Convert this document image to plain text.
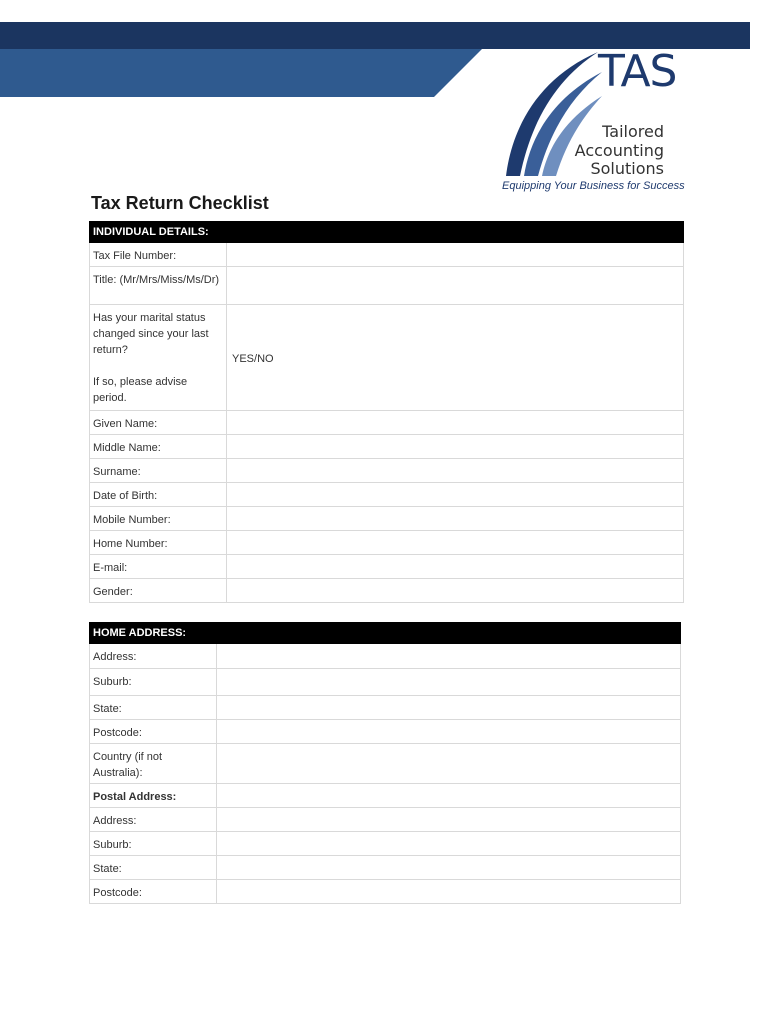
TAS
Tailored
Accounting
Solutions
Equipping Your Business for Success
Tax Return Checklist
INDIVIDUAL DETAILS:	
Tax File Number:	
Title: (Mr/Mrs/Miss/Ms/Dr)	
Has your marital status changed since your last return?

If so, please advise period.	YES/NO

Given Name:	
Middle Name:	
Surname:	
Date of Birth:	
Mobile Number:	
Home Number:	
E-mail:	
Gender:	
HOME ADDRESS:	
Address:	
Suburb:	
State:	
Postcode:	
Country (if not Australia):	
Postal Address:	
Address:	
Suburb:	
State:	
Postcode:	
